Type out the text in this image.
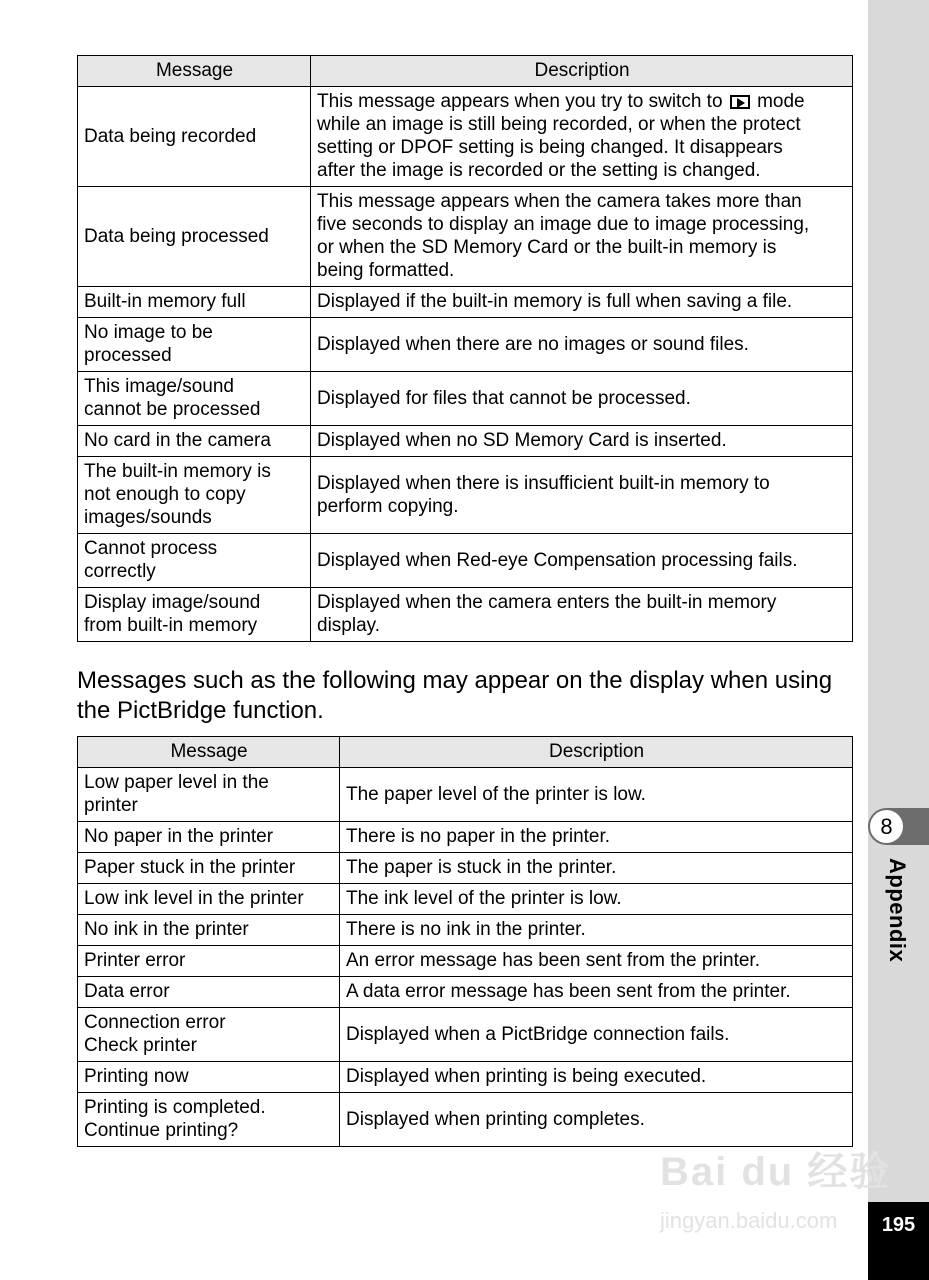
8
Appendix
195
Message	Description
Data being recorded	This message appears when you try to switch to  mode
while an image is still being recorded, or when the protect
setting or DPOF setting is being changed. It disappears
after the image is recorded or the setting is changed.
Data being processed	This message appears when the camera takes more than
five seconds to display an image due to image processing,
or when the SD Memory Card or the built-in memory is
being formatted.
Built-in memory full	Displayed if the built-in memory is full when saving a file.
No image to be
processed	Displayed when there are no images or sound files.
This image/sound
cannot be processed	Displayed for files that cannot be processed.
No card in the camera	Displayed when no SD Memory Card is inserted.
The built-in memory is
not enough to copy
images/sounds	Displayed when there is insufficient built-in memory to
perform copying.
Cannot process
correctly	Displayed when Red-eye Compensation processing fails.
Display image/sound
from built-in memory	Displayed when the camera enters the built-in memory
display.
Message	Description
Low paper level in the
printer	The paper level of the printer is low.
No paper in the printer	There is no paper in the printer.
Paper stuck in the printer	The paper is stuck in the printer.
Low ink level in the printer	The ink level of the printer is low.
No ink in the printer	There is no ink in the printer.
Printer error	An error message has been sent from the printer.
Data error	A data error message has been sent from the printer.
Connection error
Check printer	Displayed when a PictBridge connection fails.
Printing now	Displayed when printing is being executed.
Printing is completed.
Continue printing?	Displayed when printing completes.
Messages such as the following may appear on the display when using the PictBridge function.
Bai du 经验
jingyan.baidu.com
